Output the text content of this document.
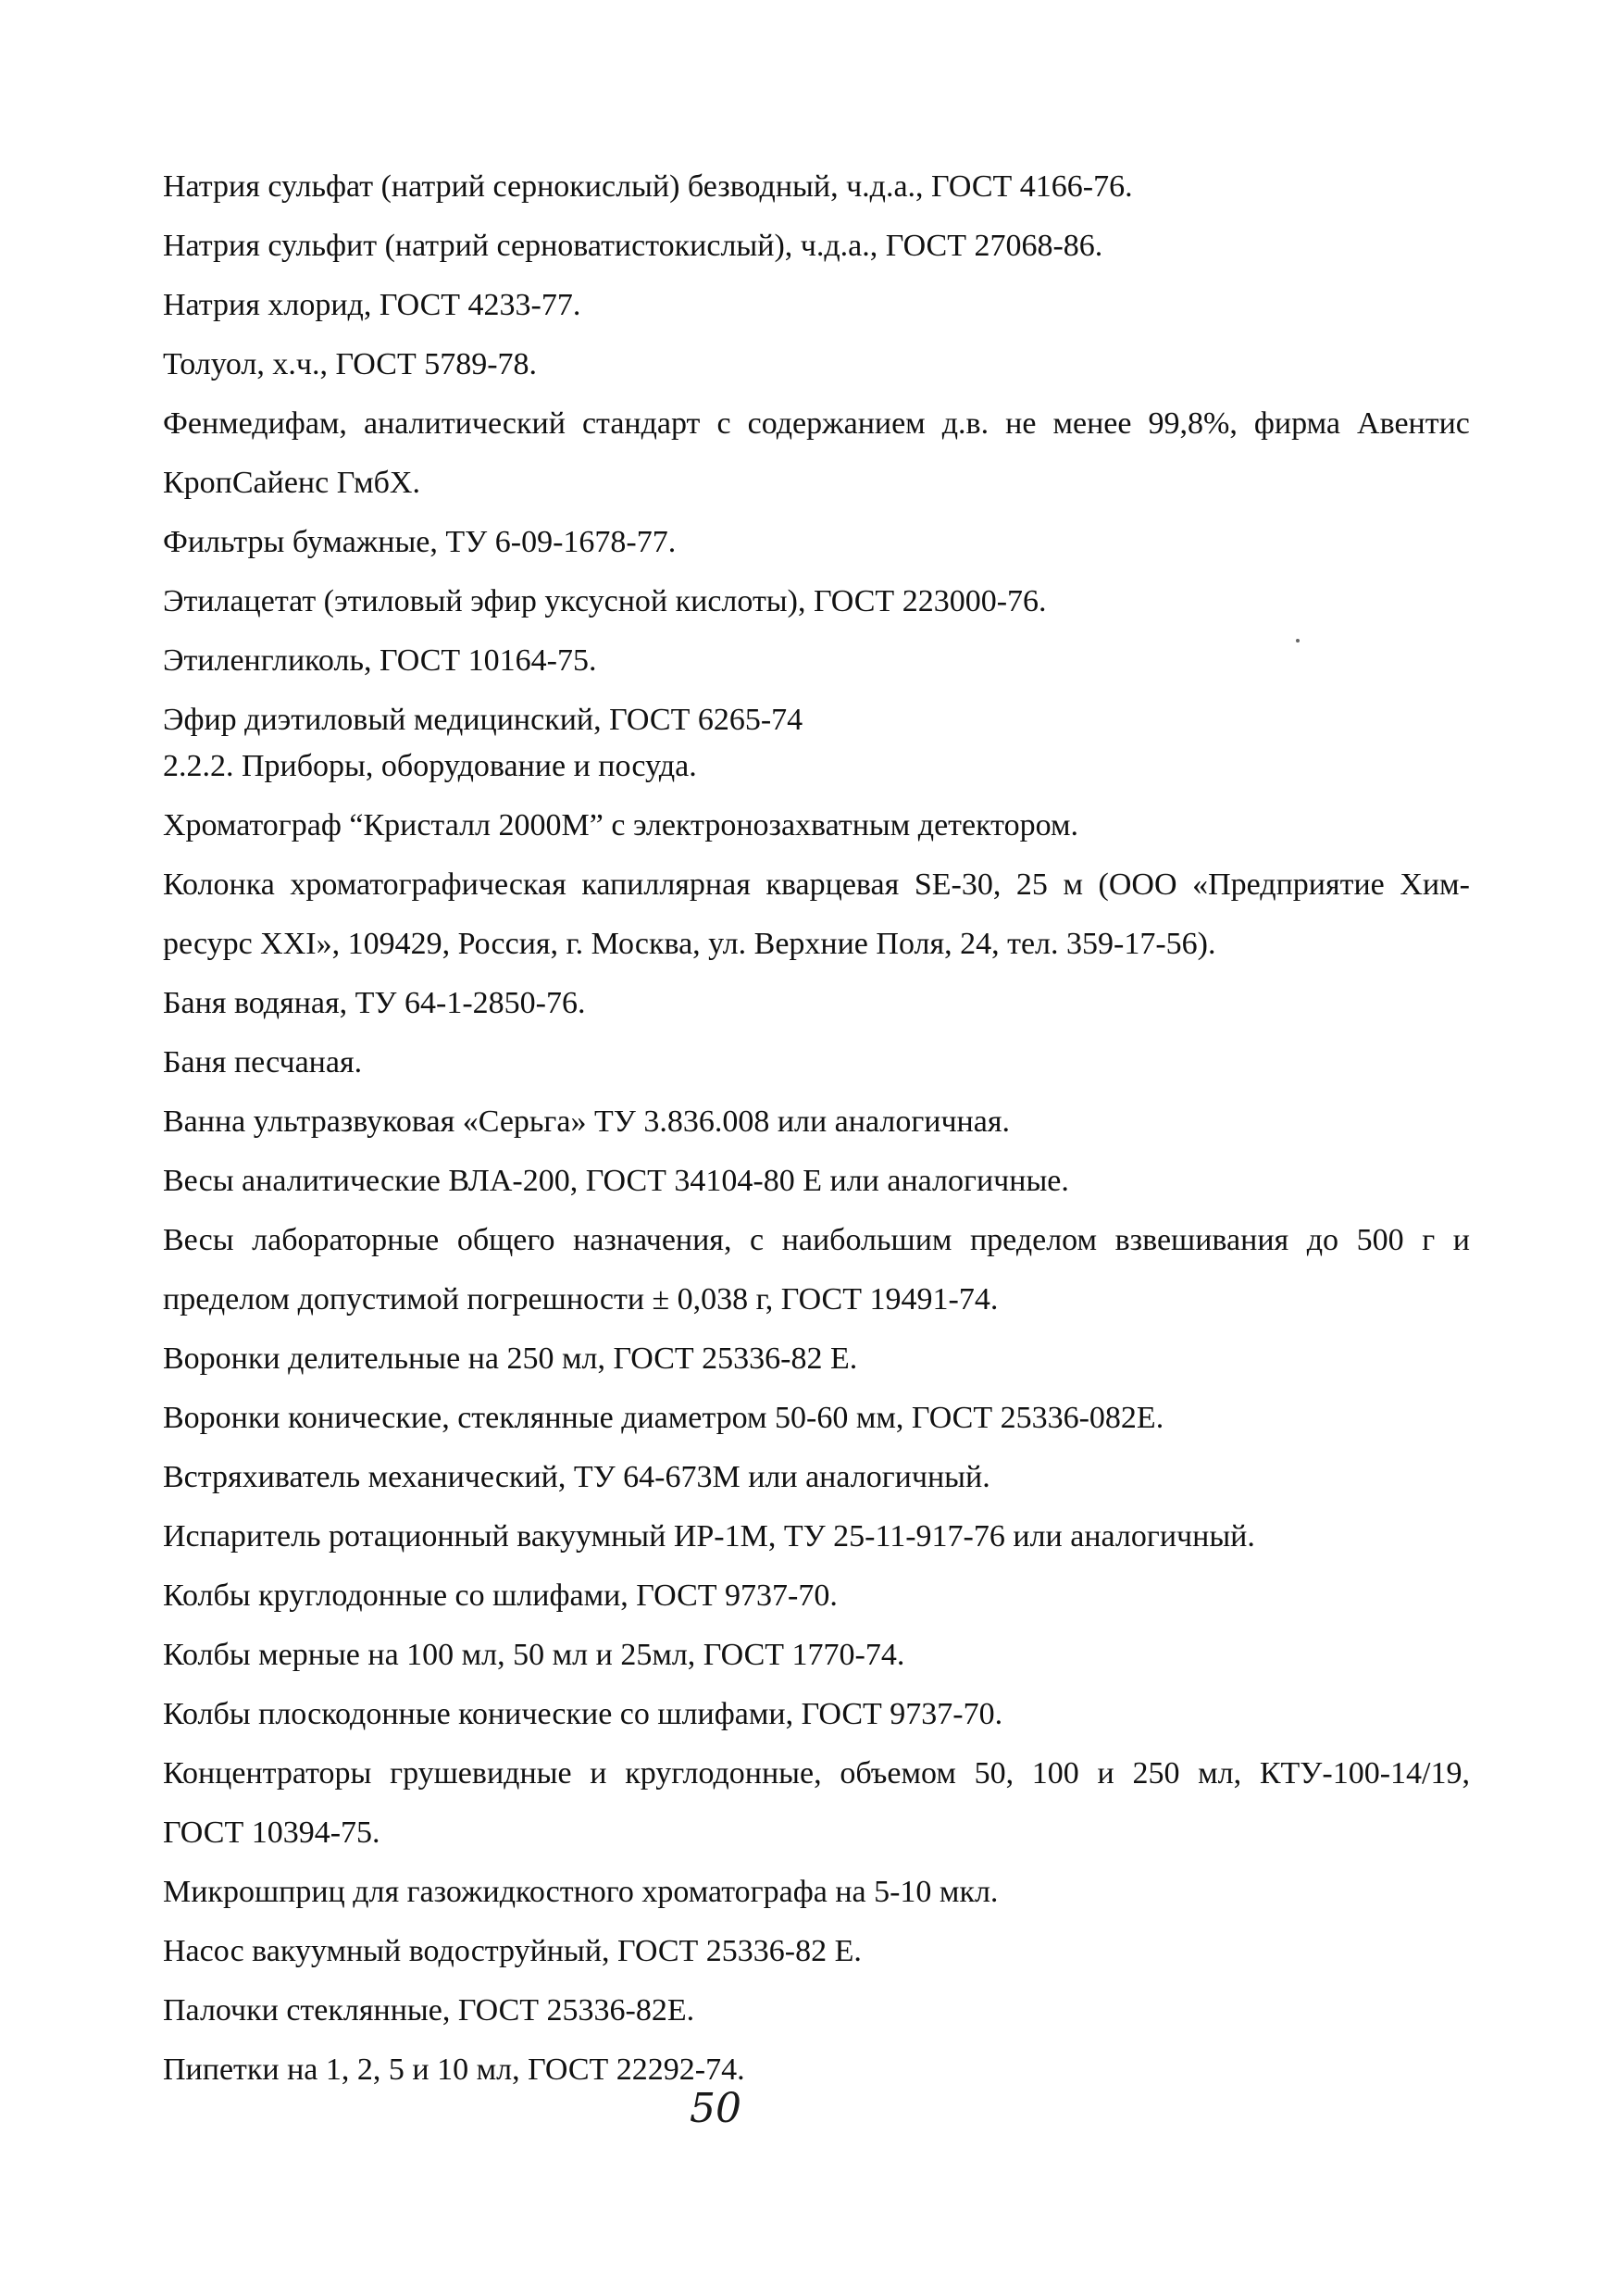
Натрия сульфат (натрий сернокислый) безводный, ч.д.а., ГОСТ 4166-76.
Натрия сульфит (натрий серноватистокислый), ч.д.а., ГОСТ 27068-86.
Натрия хлорид, ГОСТ 4233-77.
Толуол, х.ч., ГОСТ 5789-78.
Фенмедифам, аналитический стандарт с содержанием д.в. не менее 99,8%, фирма Авентис
КропСайенс ГмбХ.
Фильтры бумажные, ТУ 6-09-1678-77.
Этилацетат (этиловый эфир уксусной кислоты), ГОСТ 223000-76.
Этиленгликоль, ГОСТ 10164-75.
Эфир диэтиловый медицинский, ГОСТ 6265-74
2.2.2. Приборы, оборудование и посуда.
Хроматограф “Кристалл 2000М” с электронозахватным детектором.
Колонка хроматографическая капиллярная кварцевая SE-30, 25 м (ООО «Предприятие Хим-
ресурс XXI», 109429, Россия, г. Москва, ул. Верхние Поля, 24, тел. 359-17-56).
Баня водяная, ТУ 64-1-2850-76.
Баня песчаная.
Ванна ультразвуковая «Серьга» ТУ 3.836.008 или аналогичная.
Весы аналитические ВЛА-200, ГОСТ 34104-80 Е или аналогичные.
Весы лабораторные общего назначения, с наибольшим пределом взвешивания до 500 г и
пределом допустимой погрешности ± 0,038 г, ГОСТ 19491-74.
Воронки делительные на 250 мл, ГОСТ 25336-82 Е.
Воронки конические, стеклянные диаметром 50-60 мм, ГОСТ 25336-082Е.
Встряхиватель механический, ТУ 64-673М или аналогичный.
Испаритель ротационный вакуумный ИР-1М, ТУ 25-11-917-76 или аналогичный.
Колбы круглодонные со шлифами, ГОСТ 9737-70.
Колбы мерные на 100 мл, 50 мл и 25мл, ГОСТ 1770-74.
Колбы плоскодонные конические со шлифами, ГОСТ 9737-70.
Концентраторы грушевидные и круглодонные, объемом 50, 100 и 250 мл, КТУ-100-14/19,
ГОСТ 10394-75.
Микрошприц для газожидкостного хроматографа на 5-10 мкл.
Насос вакуумный водоструйный, ГОСТ 25336-82 Е.
Палочки стеклянные, ГОСТ 25336-82Е.
Пипетки на 1, 2, 5 и 10 мл, ГОСТ 22292-74.
50
